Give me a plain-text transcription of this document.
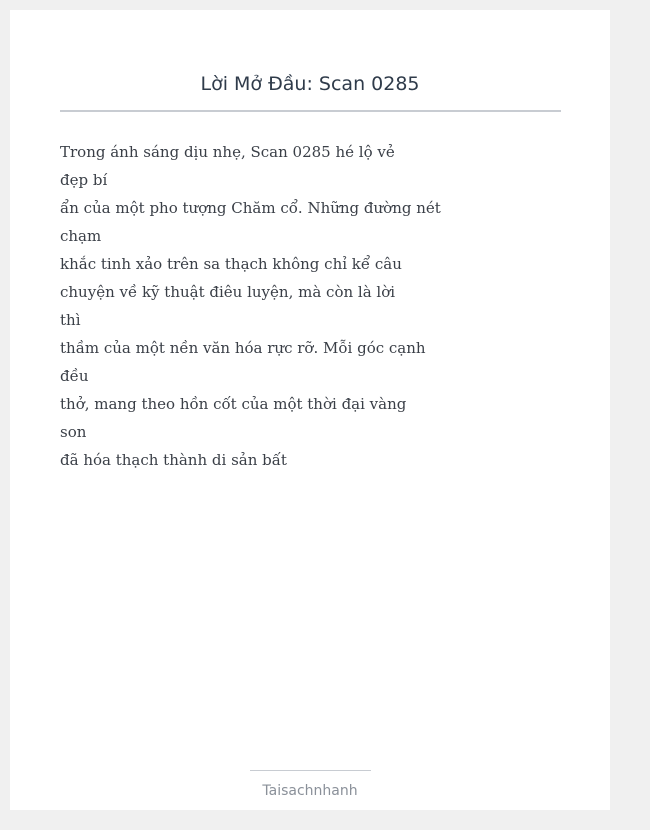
Lời Mở Đầu: Scan 0285
Trong ánh sáng dịu nhẹ, Scan 0285 hé lộ vẻ
đẹp bí
ẩn của một pho tượng Chăm cổ. Những đường nét
chạm
khắc tinh xảo trên sa thạch không chỉ kể câu
chuyện về kỹ thuật điêu luyện, mà còn là lời
thì
thầm của một nền văn hóa rực rỡ. Mỗi góc cạnh
đều
thở, mang theo hồn cốt của một thời đại vàng
son
đã hóa thạch thành di sản bất
Taisachnhanh
